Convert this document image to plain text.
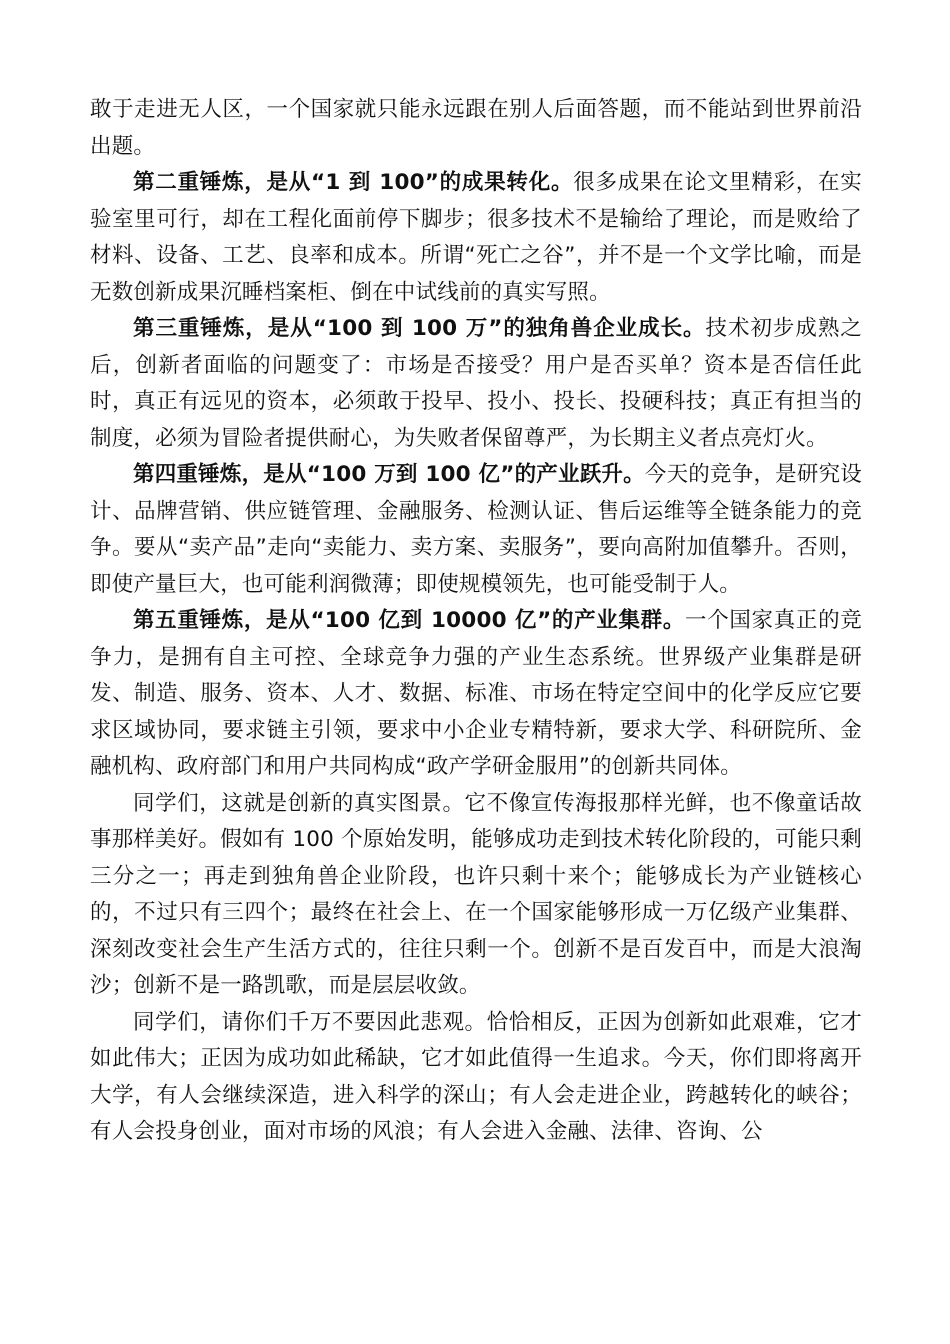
敢于走进无人区，一个国家就只能永远跟在别人后面答题，而不能站到世界前沿出题。

第二重锤炼，是从“1 到 100”的成果转化。很多成果在论文里精彩，在实验室里可行，却在工程化面前停下脚步；很多技术不是输给了理论，而是败给了材料、设备、工艺、良率和成本。所谓“死亡之谷”，并不是一个文学比喻，而是无数创新成果沉睡档案柜、倒在中试线前的真实写照。

第三重锤炼，是从“100 到 100 万”的独角兽企业成长。技术初步成熟之后，创新者面临的问题变了：市场是否接受？用户是否买单？资本是否信任此时，真正有远见的资本，必须敢于投早、投小、投长、投硬科技；真正有担当的制度，必须为冒险者提供耐心，为失败者保留尊严，为长期主义者点亮灯火。

第四重锤炼，是从“100 万到 100 亿”的产业跃升。今天的竞争，是研究设计、品牌营销、供应链管理、金融服务、检测认证、售后运维等全链条能力的竞争。要从“卖产品”走向“卖能力、卖方案、卖服务”，要向高附加值攀升。否则，即使产量巨大，也可能利润微薄；即使规模领先，也可能受制于人。

第五重锤炼，是从“100 亿到 10000 亿”的产业集群。一个国家真正的竞争力，是拥有自主可控、全球竞争力强的产业生态系统。世界级产业集群是研发、制造、服务、资本、人才、数据、标准、市场在特定空间中的化学反应它要求区域协同，要求链主引领，要求中小企业专精特新，要求大学、科研院所、金融机构、政府部门和用户共同构成“政产学研金服用”的创新共同体。

同学们，这就是创新的真实图景。它不像宣传海报那样光鲜，也不像童话故事那样美好。假如有 100 个原始发明，能够成功走到技术转化阶段的，可能只剩三分之一；再走到独角兽企业阶段，也许只剩十来个；能够成长为产业链核心的，不过只有三四个；最终在社会上、在一个国家能够形成一万亿级产业集群、深刻改变社会生产生活方式的，往往只剩一个。创新不是百发百中，而是大浪淘沙；创新不是一路凯歌，而是层层收敛。

同学们，请你们千万不要因此悲观。恰恰相反，正因为创新如此艰难，它才如此伟大；正因为成功如此稀缺，它才如此值得一生追求。今天，你们即将离开大学，有人会继续深造，进入科学的深山；有人会走进企业，跨越转化的峡谷；有人会投身创业，面对市场的风浪；有人会进入金融、法律、咨询、公
